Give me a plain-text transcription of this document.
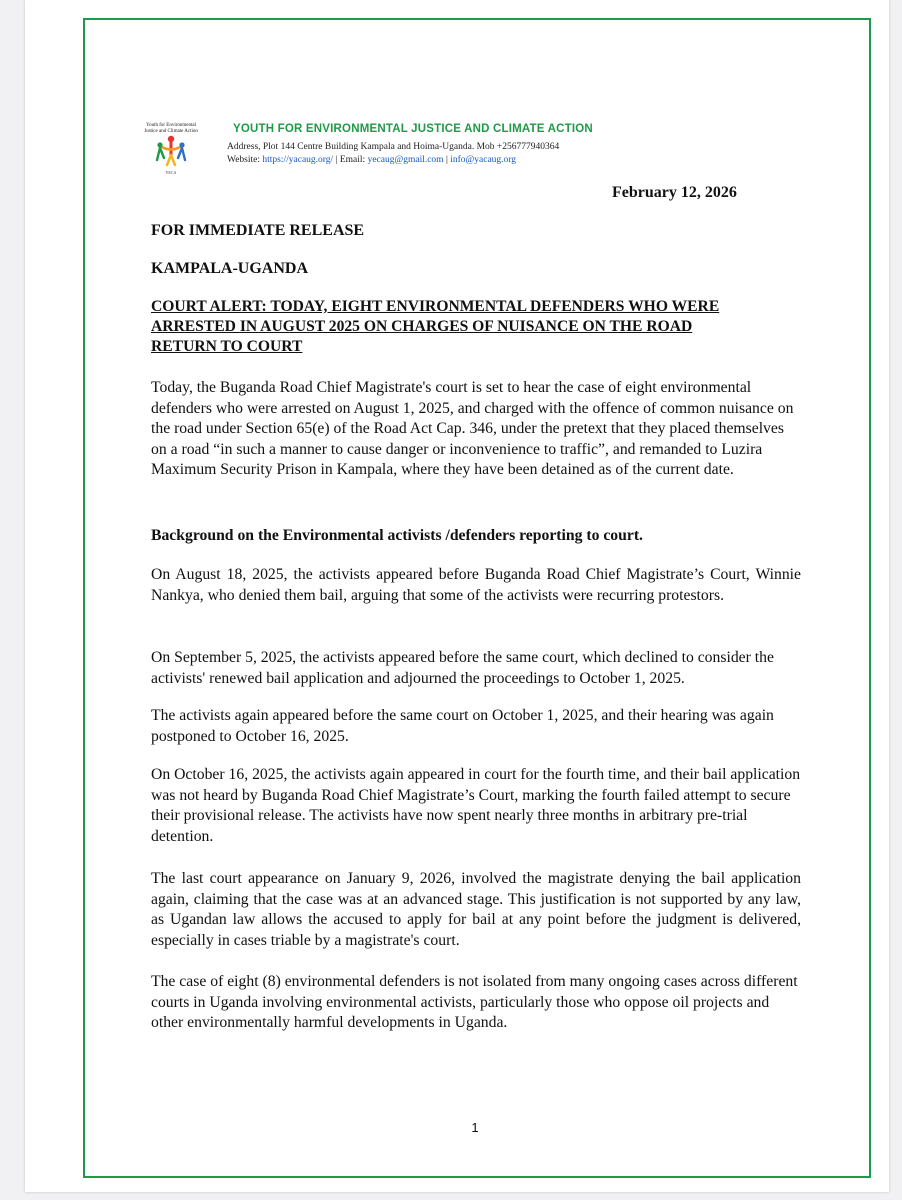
Youth for Environmental Justice and Climate Action
YECA
YOUTH FOR ENVIRONMENTAL JUSTICE AND CLIMATE ACTION
Address, Plot 144 Centre Building Kampala and Hoima-Uganda. Mob +256777940364
Website: https://yacaug.org/ | Email: yecaug@gmail.com | info@yacaug.org
February 12, 2026
FOR IMMEDIATE RELEASE
KAMPALA-UGANDA
COURT ALERT: TODAY, EIGHT ENVIRONMENTAL DEFENDERS WHO WERE
ARRESTED IN AUGUST 2025 ON CHARGES OF NUISANCE ON THE ROAD
RETURN TO COURT
Today, the Buganda Road Chief Magistrate's court is set to hear the case of eight environmental defenders who were arrested on August 1, 2025, and charged with the offence of common nuisance on the road under Section 65(e) of the Road Act Cap. 346, under the pretext that they placed themselves on a road “in such a manner to cause danger or inconvenience to traffic”, and remanded to Luzira Maximum Security Prison in Kampala, where they have been detained as of the current date.
Background on the Environmental activists /defenders reporting to court.
On August 18, 2025, the activists appeared before Buganda Road Chief Magistrate’s Court, Winnie Nankya, who denied them bail, arguing that some of the activists were recurring protestors.
On September 5, 2025, the activists appeared before the same court, which declined to consider the activists' renewed bail application and adjourned the proceedings to October 1, 2025.
The activists again appeared before the same court on October 1, 2025, and their hearing was again postponed to October 16, 2025.
On October 16, 2025, the activists again appeared in court for the fourth time, and their bail application was not heard by Buganda Road Chief Magistrate’s Court, marking the fourth failed attempt to secure their provisional release. The activists have now spent nearly three months in arbitrary pre-trial detention.
The last court appearance on January 9, 2026, involved the magistrate denying the bail application again, claiming that the case was at an advanced stage. This justification is not supported by any law, as Ugandan law allows the accused to apply for bail at any point before the judgment is delivered, especially in cases triable by a magistrate's court.
The case of eight (8) environmental defenders is not isolated from many ongoing cases across different courts in Uganda involving environmental activists, particularly those who oppose oil projects and other environmentally harmful developments in Uganda.
1
